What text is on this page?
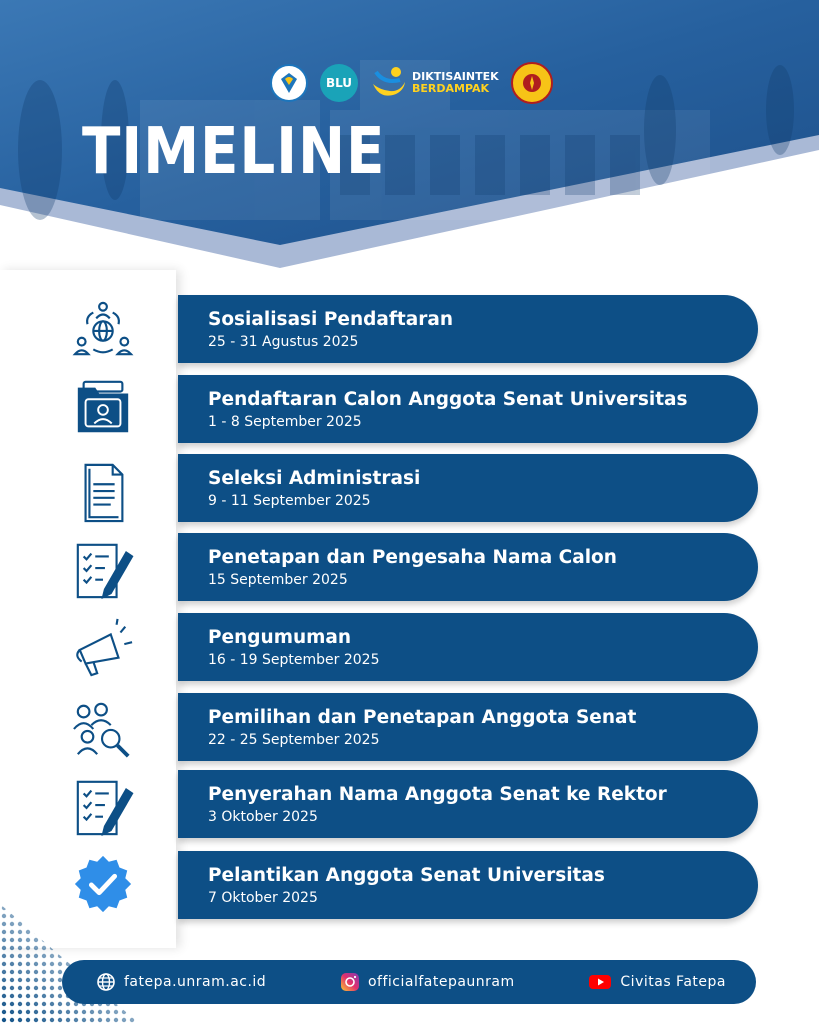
BLU	DIKTISAINTEK
BERDAMPAK
TIMELINE
Sosialisasi Pendaftaran
25 - 31 Agustus 2025
Pendaftaran Calon Anggota Senat Universitas
1 - 8 September 2025
Seleksi Administrasi
9 - 11 September 2025
Penetapan dan Pengesaha Nama Calon
15 September 2025
Pengumuman
16 - 19 September 2025
Pemilihan dan Penetapan Anggota Senat
22 - 25 September 2025
Penyerahan Nama Anggota Senat ke Rektor
3 Oktober 2025
Pelantikan Anggota Senat Universitas
7 Oktober 2025
fatepa.unram.ac.id	officialfatepaunram	Civitas Fatepa
